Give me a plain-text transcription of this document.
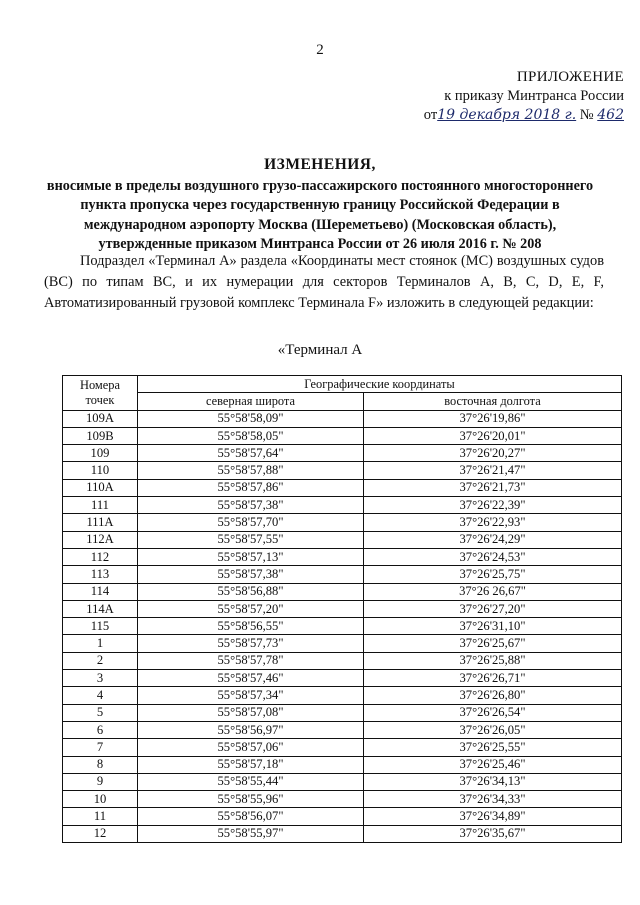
2
ПРИЛОЖЕНИЕ
к приказу Минтранса России
от19 декабря 2018 г. № 462
ИЗМЕНЕНИЯ,
вносимые в пределы воздушного грузо-пассажирского постоянного многостороннего пункта пропуска через государственную границу Российской Федерации в международном аэропорту Москва (Шереметьево) (Московская область), утвержденные приказом Минтранса России от 26 июля 2016 г. № 208
Подраздел «Терминал А» раздела «Координаты мест стоянок (МС) воздушных судов (ВС) по типам ВС, и их нумерации для секторов Терминалов А, В, С, D, E, F, Автоматизированный грузовой комплекс Терминала F» изложить в следующей редакции:
«Терминал А
Номера
точек	Географические координаты	
	северная широта	восточная долгота
109А	55°58'58,09"	37°26'19,86"
109В	55°58'58,05"	37°26'20,01"
109	55°58'57,64"	37°26'20,27"
110	55°58'57,88"	37°26'21,47"
110А	55°58'57,86"	37°26'21,73"
111	55°58'57,38"	37°26'22,39"
111А	55°58'57,70"	37°26'22,93"
112А	55°58'57,55"	37°26'24,29"
112	55°58'57,13"	37°26'24,53"
113	55°58'57,38"	37°26'25,75"
114	55°58'56,88"	37°26 26,67"
114А	55°58'57,20"	37°26'27,20"
115	55°58'56,55"	37°26'31,10"
1	55°58'57,73"	37°26'25,67"
2	55°58'57,78"	37°26'25,88"
3	55°58'57,46"	37°26'26,71"
4	55°58'57,34"	37°26'26,80"
5	55°58'57,08"	37°26'26,54"
6	55°58'56,97"	37°26'26,05"
7	55°58'57,06"	37°26'25,55"
8	55°58'57,18"	37°26'25,46"
9	55°58'55,44"	37°26'34,13"
10	55°58'55,96"	37°26'34,33"
11	55°58'56,07"	37°26'34,89"
12	55°58'55,97"	37°26'35,67"
